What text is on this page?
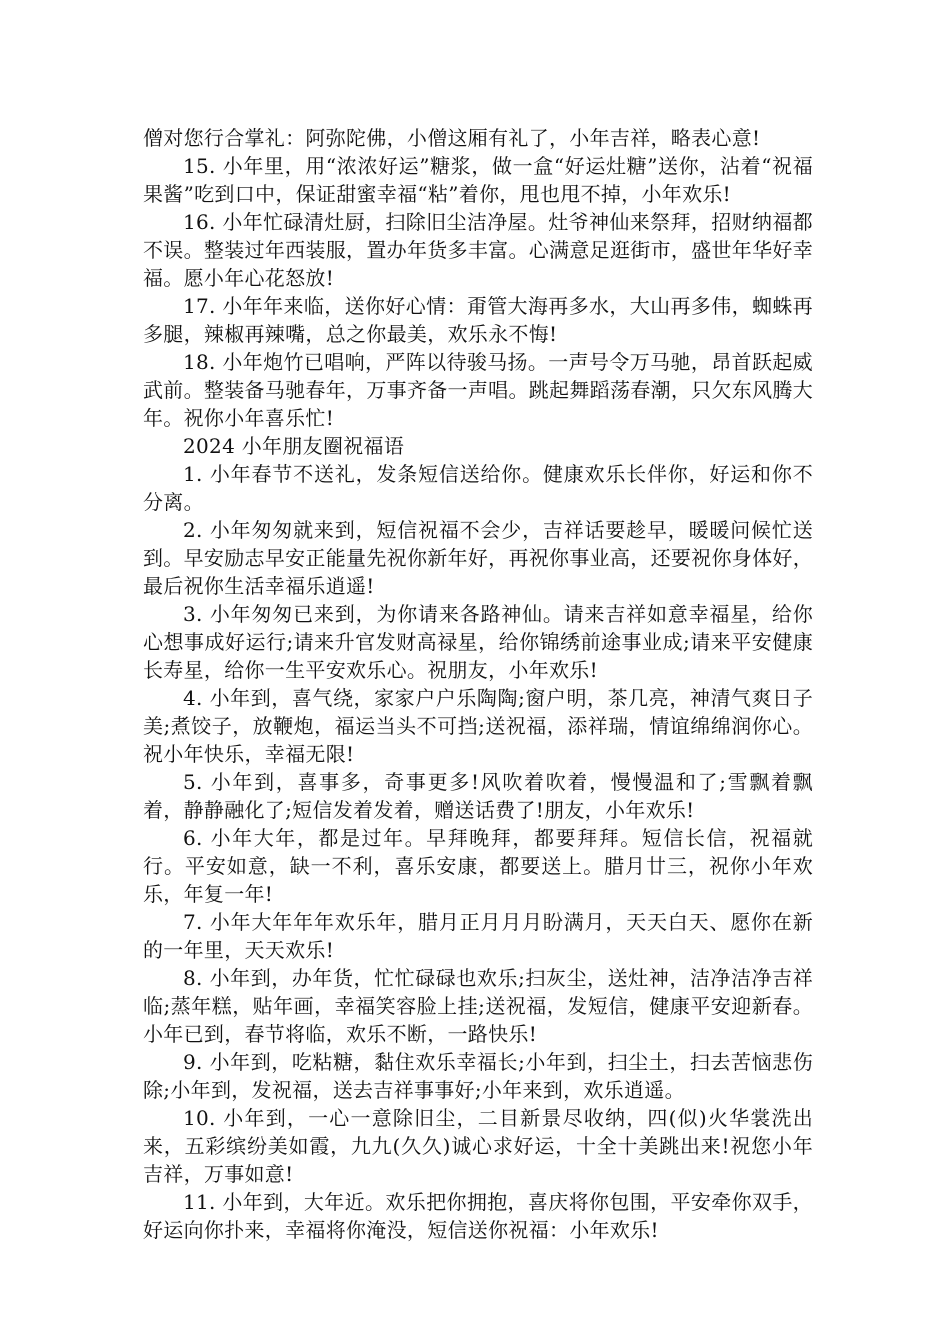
僧对您行合掌礼：阿弥陀佛，小僧这厢有礼了，小年吉祥，略表心意!

15. 小年里，用“浓浓好运”糖浆，做一盒“好运灶糖”送你，沾着“祝福果酱”吃到口中，保证甜蜜幸福“粘”着你，甩也甩不掉，小年欢乐!

16. 小年忙碌清灶厨，扫除旧尘洁净屋。灶爷神仙来祭拜，招财纳福都不误。整装过年西装服，置办年货多丰富。心满意足逛街市，盛世年华好幸福。愿小年心花怒放!

17. 小年年来临，送你好心情：甭管大海再多水，大山再多伟，蜘蛛再多腿，辣椒再辣嘴，总之你最美，欢乐永不悔!

18. 小年炮竹已唱响，严阵以待骏马扬。一声号令万马驰，昂首跃起威武前。整装备马驰春年，万事齐备一声唱。跳起舞蹈荡春潮，只欠东风腾大年。祝你小年喜乐忙!

2024 小年朋友圈祝福语

1. 小年春节不送礼，发条短信送给你。健康欢乐长伴你，好运和你不分离。

2. 小年匆匆就来到，短信祝福不会少，吉祥话要趁早，暖暖问候忙送到。早安励志早安正能量先祝你新年好，再祝你事业高，还要祝你身体好，最后祝你生活幸福乐逍遥!

3. 小年匆匆已来到，为你请来各路神仙。请来吉祥如意幸福星，给你心想事成好运行;请来升官发财高禄星，给你锦绣前途事业成;请来平安健康长寿星，给你一生平安欢乐心。祝朋友，小年欢乐!

4. 小年到，喜气绕，家家户户乐陶陶;窗户明，茶几亮，神清气爽日子美;煮饺子，放鞭炮，福运当头不可挡;送祝福，添祥瑞，情谊绵绵润你心。祝小年快乐，幸福无限!

5. 小年到，喜事多，奇事更多!风吹着吹着，慢慢温和了;雪飘着飘着，静静融化了;短信发着发着，赠送话费了!朋友，小年欢乐!

6. 小年大年，都是过年。早拜晚拜，都要拜拜。短信长信，祝福就行。平安如意，缺一不利，喜乐安康，都要送上。腊月廿三，祝你小年欢乐，年复一年!

7. 小年大年年年欢乐年，腊月正月月月盼满月，天天白天、愿你在新的一年里，天天欢乐!

8. 小年到，办年货，忙忙碌碌也欢乐;扫灰尘，送灶神，洁净洁净吉祥临;蒸年糕，贴年画，幸福笑容脸上挂;送祝福，发短信，健康平安迎新春。小年已到，春节将临，欢乐不断，一路快乐!

9. 小年到，吃粘糖，黏住欢乐幸福长;小年到，扫尘土，扫去苦恼悲伤除;小年到，发祝福，送去吉祥事事好;小年来到，欢乐逍遥。

10. 小年到，一心一意除旧尘，二目新景尽收纳，四(似)火华裳洗出来，五彩缤纷美如霞，九九(久久)诚心求好运，十全十美跳出来!祝您小年吉祥，万事如意!

11. 小年到，大年近。欢乐把你拥抱，喜庆将你包围，平安牵你双手，好运向你扑来，幸福将你淹没，短信送你祝福：小年欢乐!
